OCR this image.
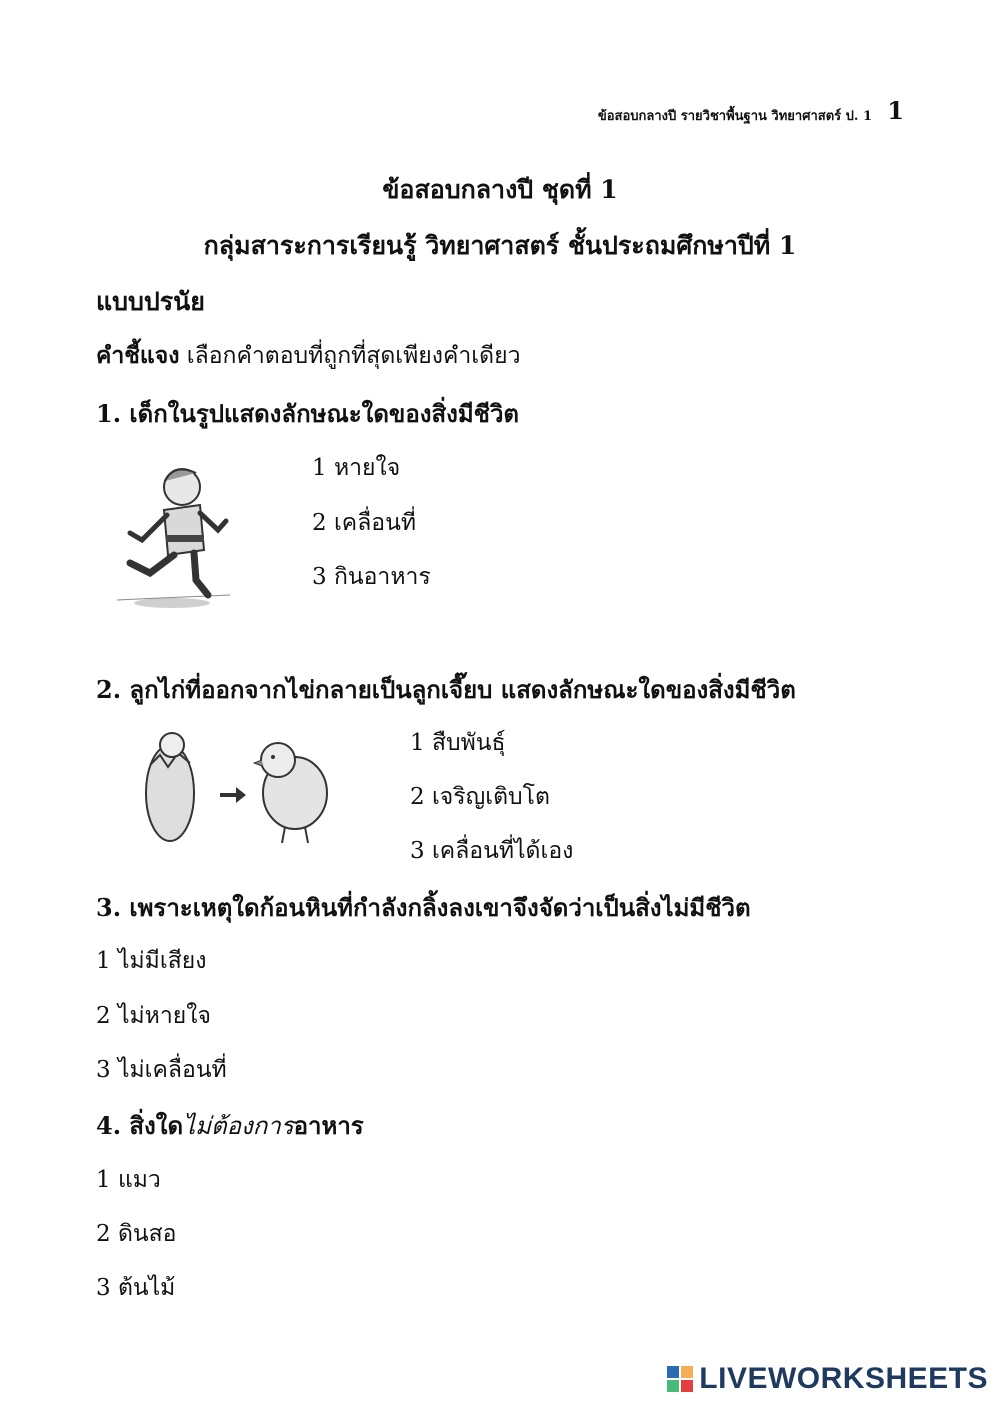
ข้อสอบกลางปี รายวิชาพื้นฐาน วิทยาศาสตร์ ป. 1 1
ข้อสอบกลางปี ชุดที่ 1
กลุ่มสาระการเรียนรู้ วิทยาศาสตร์ ชั้นประถมศึกษาปีที่ 1
แบบปรนัย
คำชี้แจง เลือกคำตอบที่ถูกที่สุดเพียงคำเดียว
1. เด็กในรูปแสดงลักษณะใดของสิ่งมีชีวิต
1 หายใจ
2 เคลื่อนที่
3 กินอาหาร
2. ลูกไก่ที่ออกจากไข่กลายเป็นลูกเจี๊ยบ แสดงลักษณะใดของสิ่งมีชีวิต
1 สืบพันธุ์
2 เจริญเติบโต
3 เคลื่อนที่ได้เอง
3. เพราะเหตุใดก้อนหินที่กำลังกลิ้งลงเขาจึงจัดว่าเป็นสิ่งไม่มีชีวิต
1 ไม่มีเสียง
2 ไม่หายใจ
3 ไม่เคลื่อนที่
4. สิ่งใดไม่ต้องการอาหาร
1 แมว
2 ดินสอ
3 ต้นไม้
LIVEWORKSHEETS
